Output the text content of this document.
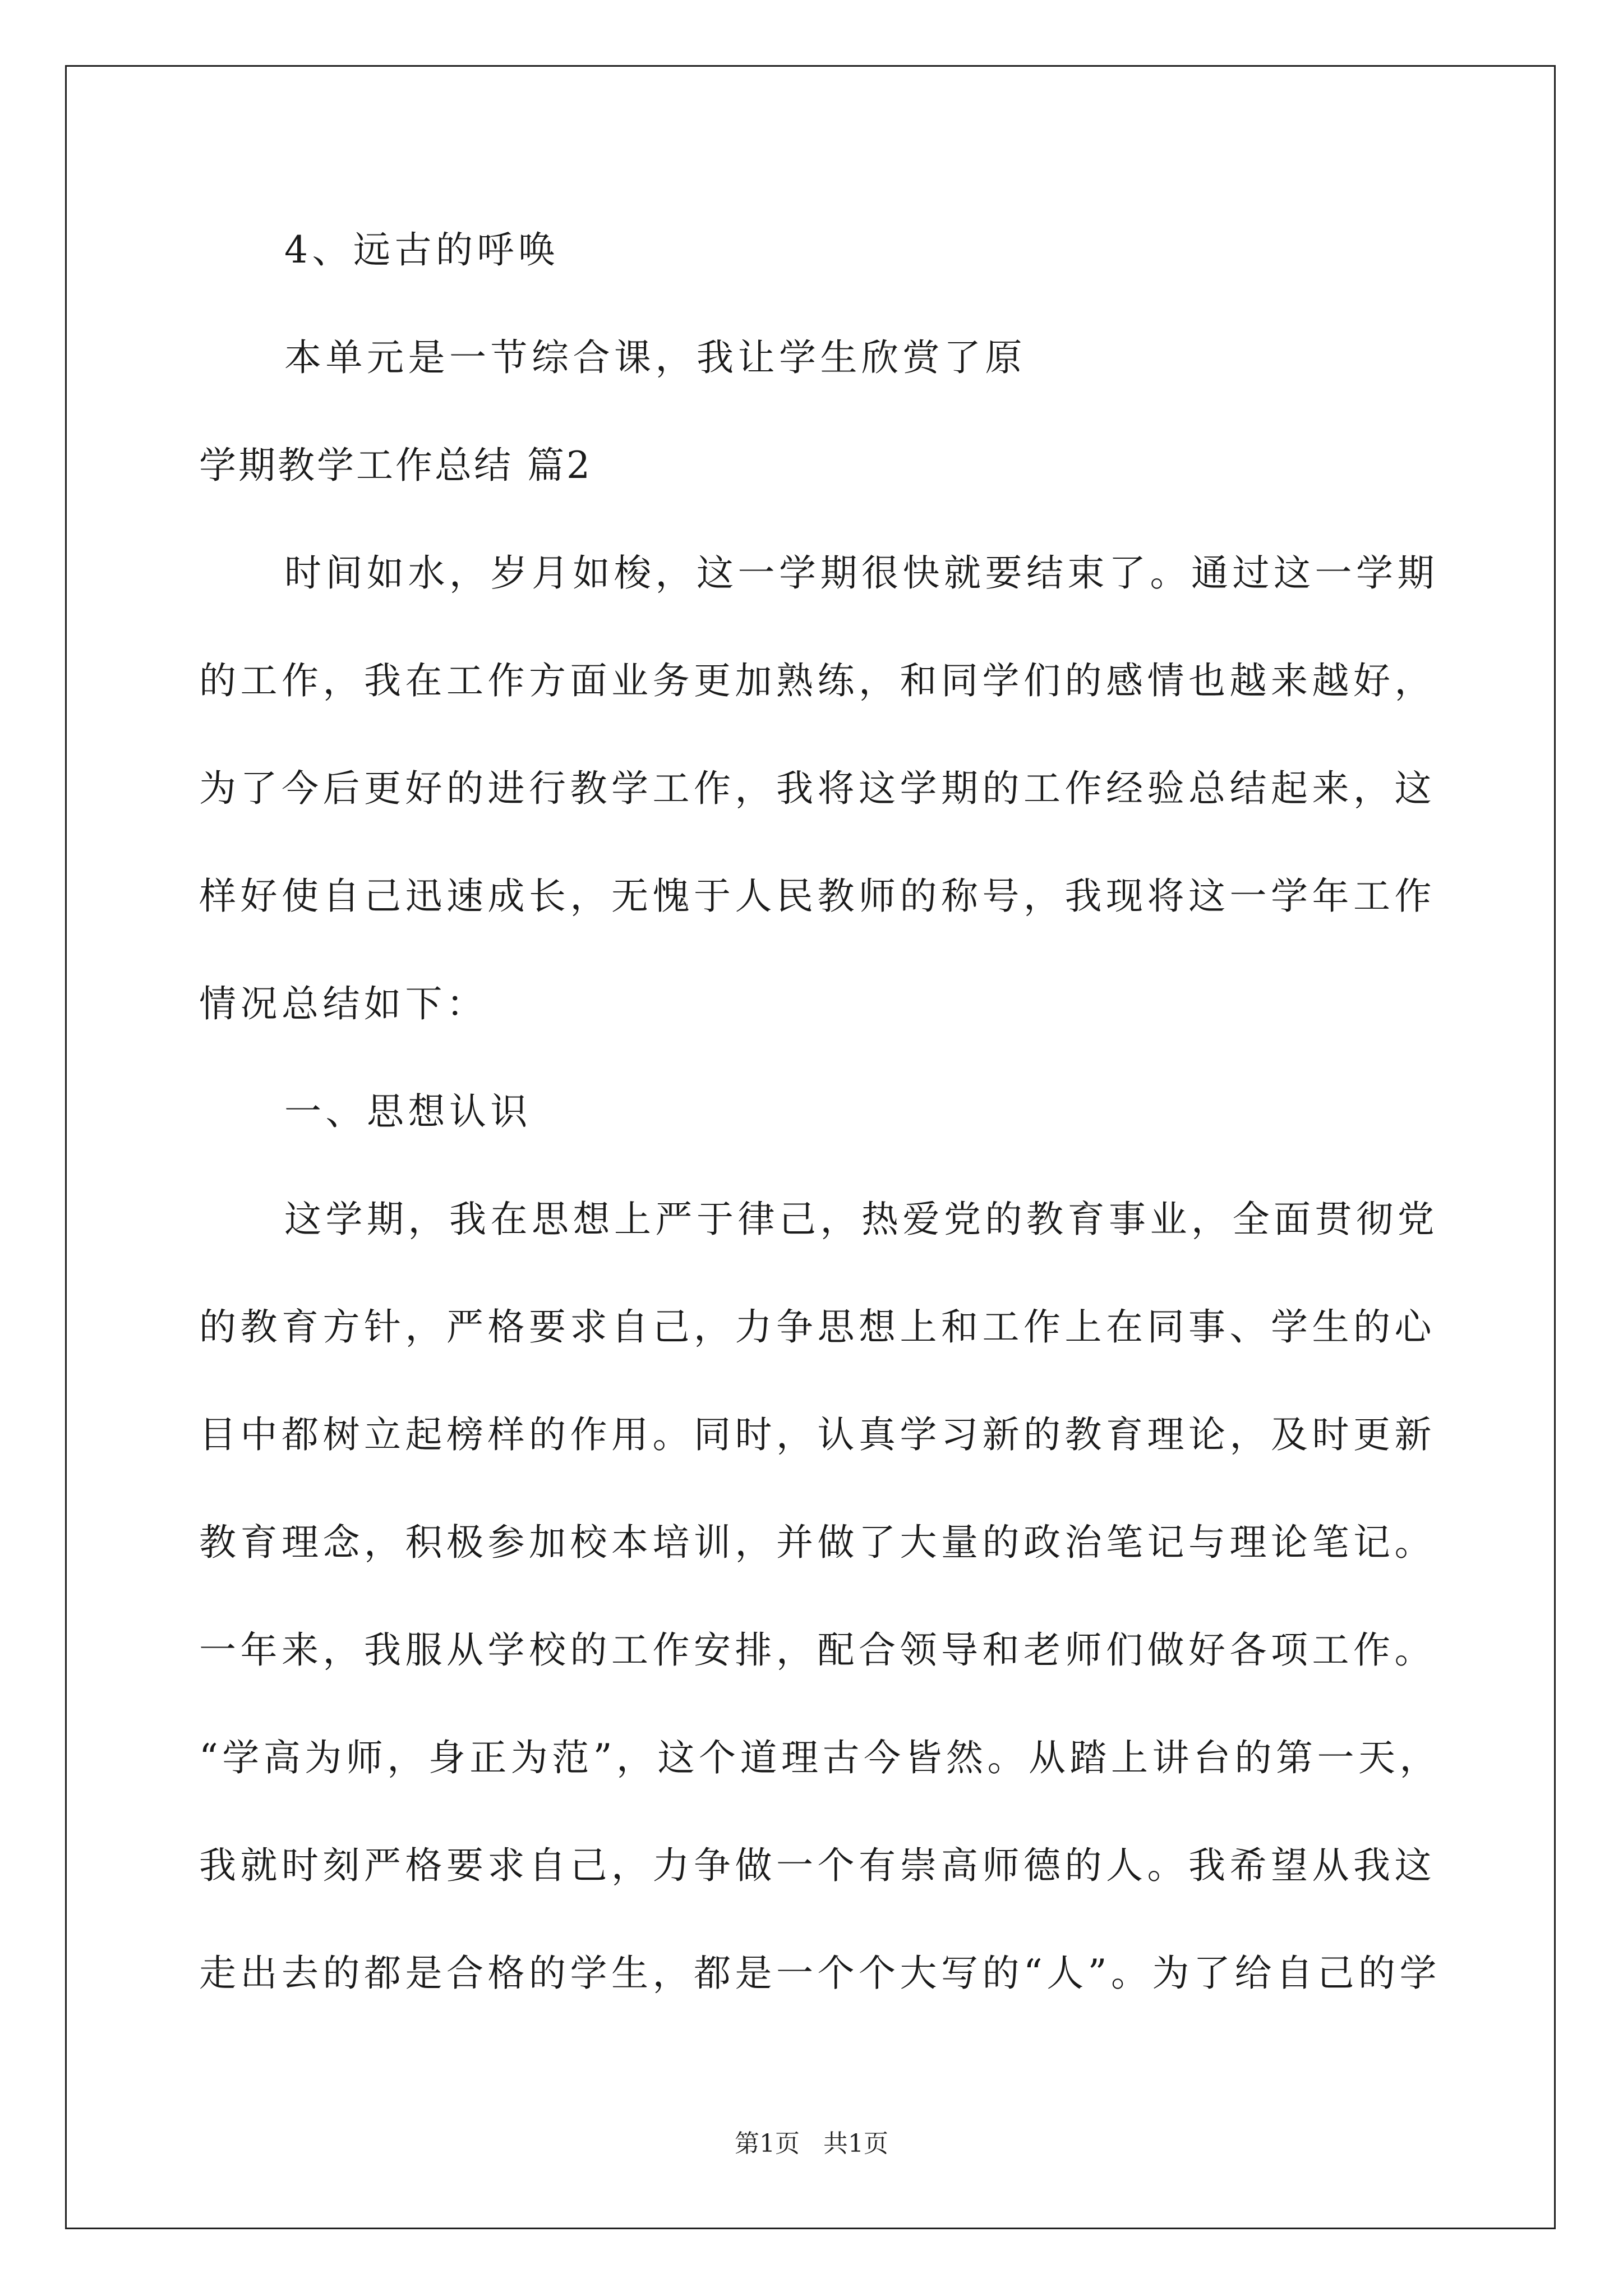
4、远古的呼唤
本单元是一节综合课，我让学生欣赏了原
学期教学工作总结 篇2
时间如水，岁月如梭，这一学期很快就要结束了。通过这一学期
的工作，我在工作方面业务更加熟练，和同学们的感情也越来越好，
为了今后更好的进行教学工作，我将这学期的工作经验总结起来，这
样好使自己迅速成长，无愧于人民教师的称号，我现将这一学年工作
情况总结如下：
一、思想认识
这学期，我在思想上严于律己，热爱党的教育事业，全面贯彻党
的教育方针，严格要求自己，力争思想上和工作上在同事、学生的心
目中都树立起榜样的作用。同时，认真学习新的教育理论，及时更新
教育理念，积极参加校本培训，并做了大量的政治笔记与理论笔记。
一年来，我服从学校的工作安排，配合领导和老师们做好各项工作。
“学高为师，身正为范”，这个道理古今皆然。从踏上讲台的第一天，
我就时刻严格要求自己，力争做一个有崇高师德的人。我希望从我这
走出去的都是合格的学生，都是一个个大写的“人”。为了给自己的学
第1页 共1页
